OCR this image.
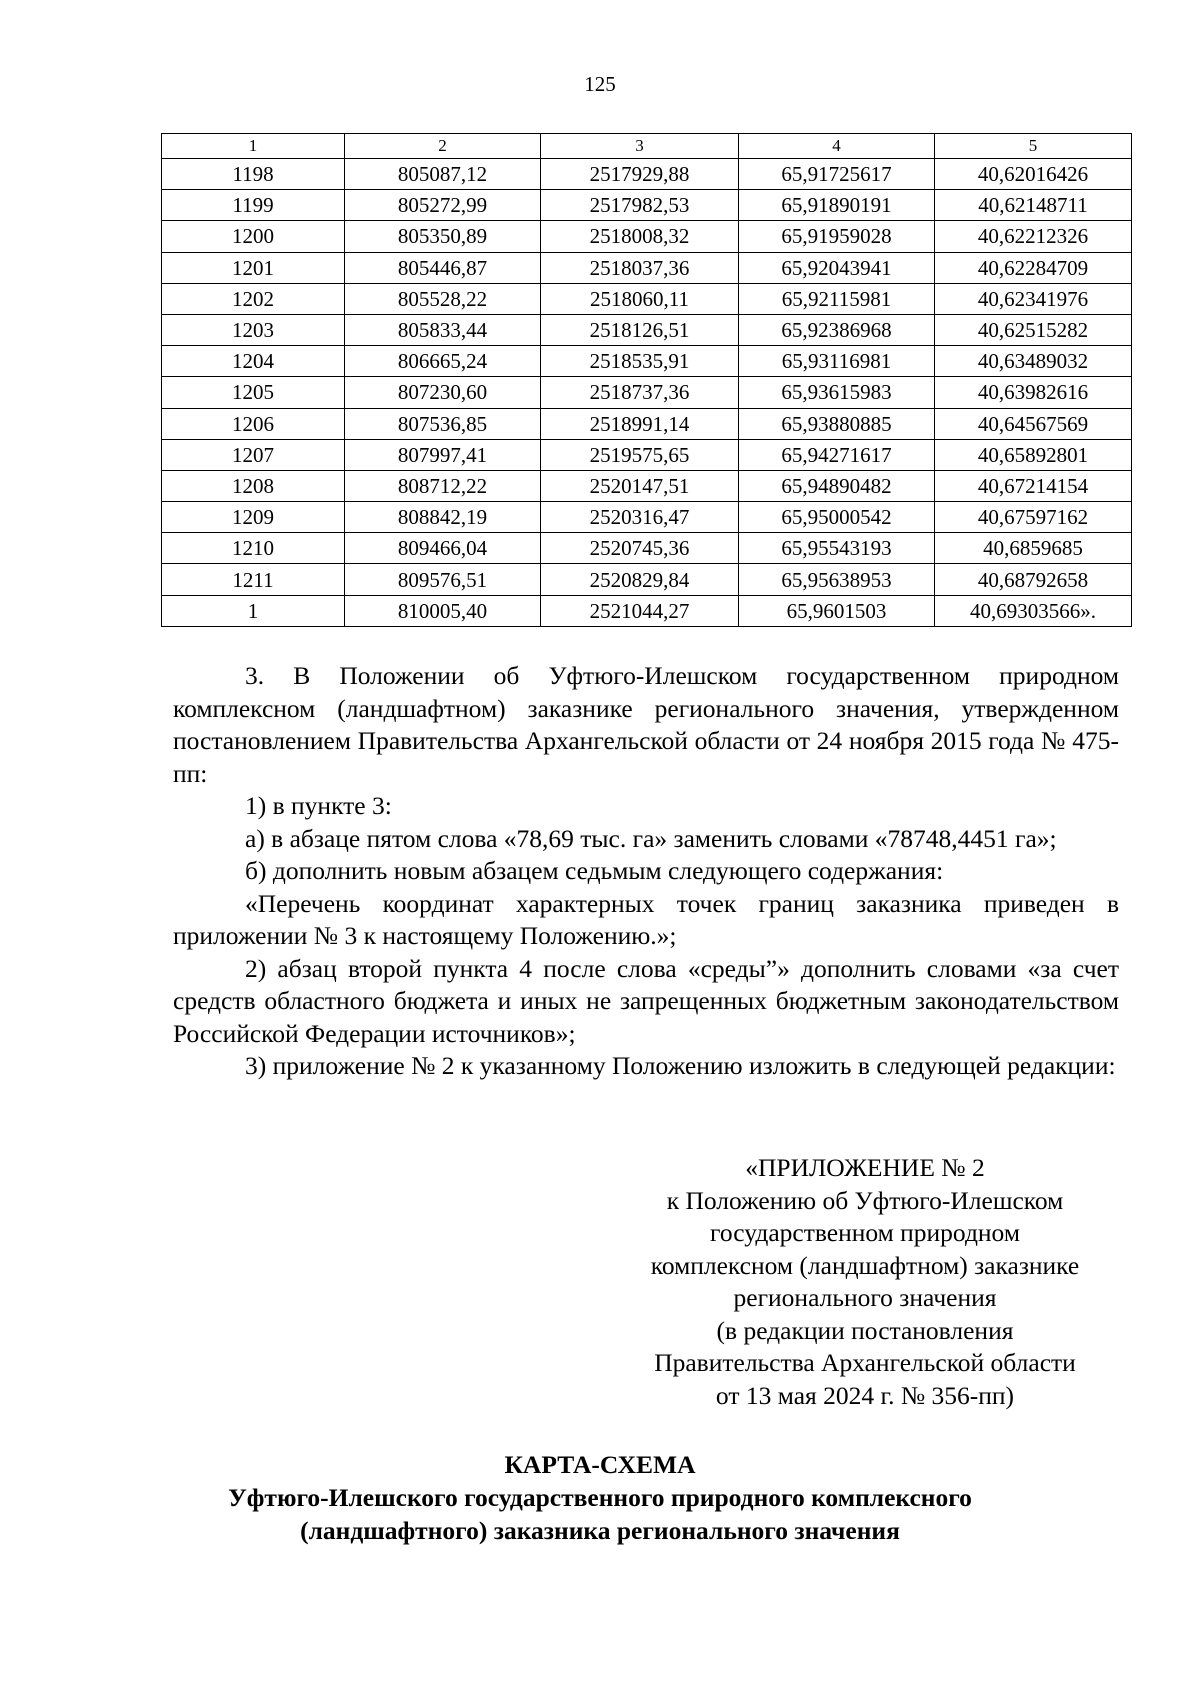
125
1	2	3	4	5
1198	805087,12	2517929,88	65,91725617	40,62016426
1199	805272,99	2517982,53	65,91890191	40,62148711
1200	805350,89	2518008,32	65,91959028	40,62212326
1201	805446,87	2518037,36	65,92043941	40,62284709
1202	805528,22	2518060,11	65,92115981	40,62341976
1203	805833,44	2518126,51	65,92386968	40,62515282
1204	806665,24	2518535,91	65,93116981	40,63489032
1205	807230,60	2518737,36	65,93615983	40,63982616
1206	807536,85	2518991,14	65,93880885	40,64567569
1207	807997,41	2519575,65	65,94271617	40,65892801
1208	808712,22	2520147,51	65,94890482	40,67214154
1209	808842,19	2520316,47	65,95000542	40,67597162
1210	809466,04	2520745,36	65,95543193	40,6859685
1211	809576,51	2520829,84	65,95638953	40,68792658
1	810005,40	2521044,27	65,9601503	40,69303566».

3. В Положении об Уфтюго-Илешском государственном природном комплексном (ландшафтном) заказнике регионального значения, утвержденном постановлением Правительства Архангельской области от 24 ноября 2015 года № 475-пп:

1) в пункте 3:

а) в абзаце пятом слова «78,69 тыс. га» заменить словами «78748,4451 га»;

б) дополнить новым абзацем седьмым следующего содержания:

«Перечень координат характерных точек границ заказника приведен в приложении № 3 к настоящему Положению.»;

2) абзац второй пункта 4 после слова «среды”» дополнить словами «за счет средств областного бюджета и иных не запрещенных бюджетным законодательством Российской Федерации источников»;

3) приложение № 2 к указанному Положению изложить в следующей редакции:

«ПРИЛОЖЕНИЕ № 2
к Положению об Уфтюго-Илешском
государственном природном
комплексном (ландшафтном) заказнике
регионального значения
(в редакции постановления
Правительства Архангельской области
от 13 мая 2024 г. № 356-пп)
КАРТА-СХЕМА
Уфтюго-Илешского государственного природного комплексного
(ландшафтного) заказника регионального значения
